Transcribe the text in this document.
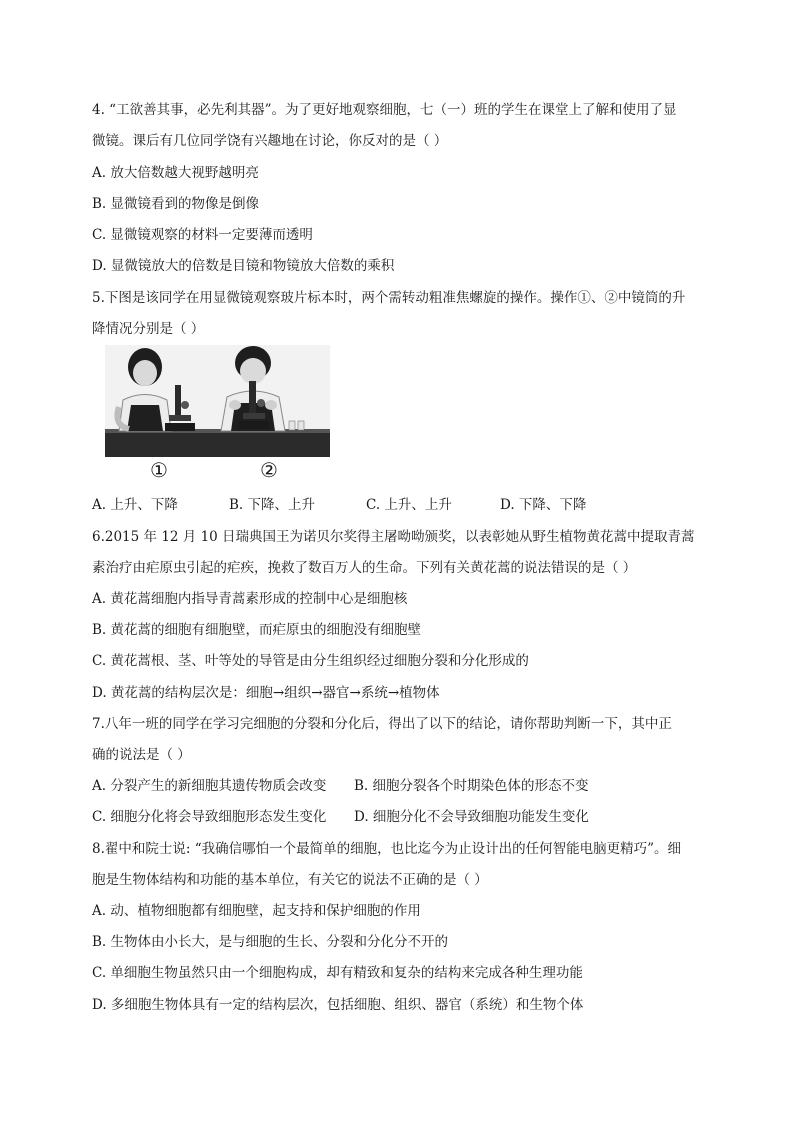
4. “工欲善其事，必先利其器”。为了更好地观察细胞，七（一）班的学生在课堂上了解和使用了显
微镜。课后有几位同学饶有兴趣地在讨论，你反对的是（ ）
A. 放大倍数越大视野越明亮
B. 显微镜看到的物像是倒像
C. 显微镜观察的材料一定要薄而透明
D. 显微镜放大的倍数是目镜和物镜放大倍数的乘积
5.下图是该同学在用显微镜观察玻片标本时，两个需转动粗准焦螺旋的操作。操作①、②中镜筒的升
降情况分别是（ ）
①	②
A. 上升、下降	B. 下降、上升	C. 上升、上升	D. 下降、下降
6.2015 年 12 月 10 日瑞典国王为诺贝尔奖得主屠呦呦颁奖，以表彰她从野生植物黄花蒿中提取青蒿
素治疗由疟原虫引起的疟疾，挽救了数百万人的生命。下列有关黄花蒿的说法错误的是（ ）
A. 黄花蒿细胞内指导青蒿素形成的控制中心是细胞核
B. 黄花蒿的细胞有细胞壁，而疟原虫的细胞没有细胞壁
C. 黄花蒿根、茎、叶等处的导管是由分生组织经过细胞分裂和分化形成的
D. 黄花蒿的结构层次是：细胞→组织→器官→系统→植物体
7.八年一班的同学在学习完细胞的分裂和分化后，得出了以下的结论，请你帮助判断一下，其中正
确的说法是（ ）
A. 分裂产生的新细胞其遗传物质会改变 B. 细胞分裂各个时期染色体的形态不变
C. 细胞分化将会导致细胞形态发生变化 D. 细胞分化不会导致细胞功能发生变化
8.翟中和院士说: “我确信哪怕一个最简单的细胞，也比迄今为止设计出的任何智能电脑更精巧”。细
胞是生物体结构和功能的基本单位，有关它的说法不正确的是（ ）
A. 动、植物细胞都有细胞壁，起支持和保护细胞的作用
B. 生物体由小长大，是与细胞的生长、分裂和分化分不开的
C. 单细胞生物虽然只由一个细胞构成，却有精致和复杂的结构来完成各种生理功能
D. 多细胞生物体具有一定的结构层次，包括细胞、组织、器官（系统）和生物个体
